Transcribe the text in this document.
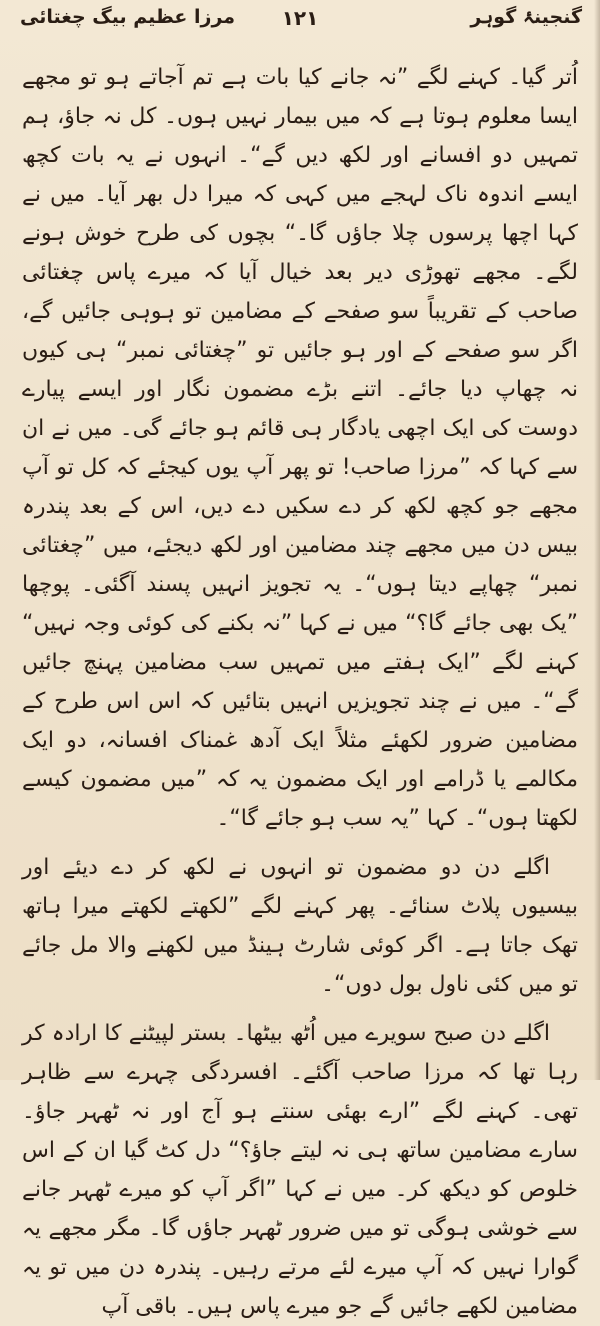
گنجینۂ گوہر
۱۲۱
مرزا عظیم بیگ چغتائی

اُتر گیا۔ کہنے لگے ”نہ جانے کیا بات ہے تم آجاتے ہو تو مجھے ایسا معلوم ہوتا ہے کہ میں بیمار نہیں ہوں۔ کل نہ جاؤ، ہم تمہیں دو افسانے اور لکھ دیں گے“۔ انہوں نے یہ بات کچھ ایسے اندوہ ناک لہجے میں کہی کہ میرا دل بھر آیا۔ میں نے کہا اچھا پرسوں چلا جاؤں گا۔“ بچوں کی طرح خوش ہونے لگے۔ مجھے تھوڑی دیر بعد خیال آیا کہ میرے پاس چغتائی صاحب کے تقریباً سو صفحے کے مضامین تو ہوہی جائیں گے، اگر سو صفحے کے اور ہو جائیں تو ”چغتائی نمبر“ ہی کیوں نہ چھاپ دیا جائے۔ اتنے بڑے مضمون نگار اور ایسے پیارے دوست کی ایک اچھی یادگار ہی قائم ہو جائے گی۔ میں نے ان سے کہا کہ ”مرزا صاحب! تو پھر آپ یوں کیجئے کہ کل تو آپ مجھے جو کچھ لکھ کر دے سکیں دے دیں، اس کے بعد پندرہ بیس دن میں مجھے چند مضامین اور لکھ دیجئے، میں ”چغتائی نمبر“ چھاپے دیتا ہوں“۔ یہ تجویز انہیں پسند آگئی۔ پوچھا ”یک بھی جائے گا؟“ میں نے کہا ”نہ بکنے کی کوئی وجہ نہیں“ کہنے لگے ”ایک ہفتے میں تمہیں سب مضامین پہنچ جائیں گے“۔ میں نے چند تجویزیں انہیں بتائیں کہ اس اس طرح کے مضامین ضرور لکھئے مثلاً ایک آدھ غمناک افسانہ، دو ایک مکالمے یا ڈرامے اور ایک مضمون یہ کہ ”میں مضمون کیسے لکھتا ہوں“۔ کہا ”یہ سب ہو جائے گا“۔

اگلے دن دو مضمون تو انہوں نے لکھ کر دے دیئے اور بیسیوں پلاٹ سنائے۔ پھر کہنے لگے ”لکھتے لکھتے میرا ہاتھ تھک جاتا ہے۔ اگر کوئی شارٹ ہینڈ میں لکھنے والا مل جائے تو میں کئی ناول بول دوں“۔

اگلے دن صبح سویرے میں اُٹھ بیٹھا۔ بستر لپیٹنے کا ارادہ کر رہا تھا کہ مرزا صاحب آگئے۔ افسردگی چہرے سے ظاہر تھی۔ کہنے لگے ”ارے بھئی سنتے ہو آج اور نہ ٹھہر جاؤ۔ سارے مضامین ساتھ ہی نہ لیتے جاؤ؟“ دل کٹ گیا ان کے اس خلوص کو دیکھ کر۔ میں نے کہا ”اگر آپ کو میرے ٹھہر جانے سے خوشی ہوگی تو میں ضرور ٹھہر جاؤں گا۔ مگر مجھے یہ گوارا نہیں کہ آپ میرے لئے مرتے رہیں۔ پندرہ دن میں تو یہ مضامین لکھے جائیں گے جو میرے پاس ہیں۔ باقی آپ
